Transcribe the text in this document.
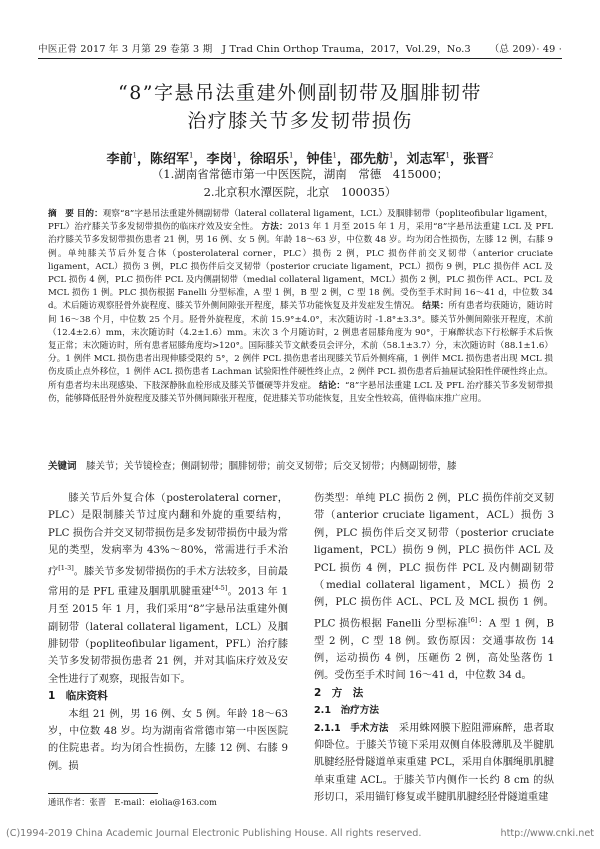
中医正骨 2017 年 3 月第 29 卷第 3 期　J Trad Chin Orthop Trauma，2017，Vol.29，No.3 （总 209）· 49 ·
“8”字悬吊法重建外侧副韧带及腘腓韧带
治疗膝关节多发韧带损伤
李前$^1$，陈绍军$^1$，李岗$^1$，徐昭乐$^1$，钟佳$^1$，邵先舫$^1$，刘志军$^1$，张晋$^2$
（1.湖南省常德市第一中医医院，湖南　常德　415000；
2.北京积水潭医院，北京　100035）
摘　要 目的：观察“8”字悬吊法重建外侧副韧带（lateral collateral ligament，LCL）及腘腓韧带（popliteofibular ligament，PFL）治疗膝关节多发韧带损伤的临床疗效及安全性。 方法：2013 年 1 月至 2015 年 1 月，采用“8”字悬吊法重建 LCL 及 PFL 治疗膝关节多发韧带损伤患者 21 例，男 16 例、女 5 例。年龄 18～63 岁，中位数 48 岁。均为闭合性损伤，左膝 12 例，右膝 9 例。单纯膝关节后外复合体（posterolateral corner，PLC）损伤 2 例，PLC 损伤伴前交叉韧带（anterior cruciate ligament，ACL）损伤 3 例，PLC 损伤伴后交叉韧带（posterior cruciate ligament，PCL）损伤 9 例，PLC 损伤伴 ACL 及 PCL 损伤 4 例，PLC 损伤伴 PCL 及内侧副韧带（medial collateral ligament，MCL）损伤 2 例，PLC 损伤伴 ACL、PCL 及 MCL 损伤 1 例。PLC 损伤根据 Fanelli 分型标准，A 型 1 例，B 型 2 例，C 型 18 例。受伤至手术时间 16～41 d，中位数 34 d。术后随访观察胫骨外旋程度、膝关节外侧间隙张开程度，膝关节功能恢复及并发症发生情况。 结果：所有患者均获随访，随访时间 16～38 个月，中位数 25 个月。胫骨外旋程度，术前 15.9°±4.0°，末次随访时 -1.8°±3.3°。膝关节外侧间隙张开程度，术前（12.4±2.6）mm，末次随访时（4.2±1.6）mm。末次 3 个月随访时，2 例患者屈膝角度为 90°，于麻醉状态下行松解手术后恢复正常；末次随访时，所有患者屈膝角度均>120°。国际膝关节文献委员会评分，术前（58.1±3.7）分，末次随访时（88.1±1.6）分。1 例伴 MCL 损伤患者出现伸膝受限约 5°，2 例伴 PCL 损伤患者出现膝关节后外侧疼痛，1 例伴 MCL 损伤患者出现 MCL 损伤皮质止点外移位，1 例伴 ACL 损伤患者 Lachman 试验阳性伴硬性终止点，2 例伴 PCL 损伤患者后抽屉试验阳性伴硬性终止点。所有患者均未出现感染、下肢深静脉血栓形成及膝关节僵硬等并发症。 结论：“8”字悬吊法重建 LCL 及 PFL 治疗膝关节多发韧带损伤，能够降低胫骨外旋程度及膝关节外侧间隙张开程度，促进膝关节功能恢复，且安全性较高，值得临床推广应用。
关键词　 膝关节；关节镜检查；侧副韧带；腘腓韧带；前交叉韧带；后交叉韧带；内侧副韧带，膝

膝关节后外复合体（posterolateral corner，PLC）是限制膝关节过度内翻和外旋的重要结构，PLC 损伤合并交叉韧带损伤是多发韧带损伤中最为常见的类型，发病率为 43%～80%，常需进行手术治疗[1-3]。膝关节多发韧带损伤的手术方法较多，目前最常用的是 PFL 重建及腘肌肌腱重建[4-5]。2013 年 1 月至 2015 年 1 月，我们采用“8”字悬吊法重建外侧副韧带（lateral collateral ligament，LCL）及腘腓韧带（popliteofibular ligament，PFL）治疗膝关节多发韧带损伤患者 21 例，并对其临床疗效及安全性进行了观察，现报告如下。

1　临床资料

本组 21 例，男 16 例、女 5 例。年龄 18～63 岁，中位数 48 岁。均为湖南省常德市第一中医医院的住院患者。均为闭合性损伤，左膝 12 例、右膝 9 例。损

伤类型：单纯 PLC 损伤 2 例，PLC 损伤伴前交叉韧带（anterior cruciate ligament，ACL）损伤 3 例，PLC 损伤伴后交叉韧带（posterior cruciate ligament，PCL）损伤 9 例，PLC 损伤伴 ACL 及 PCL 损伤 4 例，PLC 损伤伴 PCL 及内侧副韧带（medial collateral ligament，MCL）损伤 2 例，PLC 损伤伴 ACL、PCL 及 MCL 损伤 1 例。PLC 损伤根据 Fanelli 分型标准[6]：A 型 1 例，B 型 2 例，C 型 18 例。致伤原因：交通事故伤 14 例，运动损伤 4 例，压砸伤 2 例，高处坠落伤 1 例。受伤至手术时间 16～41 d，中位数 34 d。

2　方　法

2.1　治疗方法

2.1.1　手术方法　采用蛛网膜下腔阻滞麻醉，患者取仰卧位。于膝关节镜下采用双侧自体股薄肌及半腱肌肌腱经胫骨隧道单束重建 PCL，采用自体腘绳肌肌腱单束重建 ACL。于膝关节内侧作一长约 8 cm 的纵形切口，采用锚钉修复或半腱肌肌腱经胫骨隧道重建

通讯作者：张晋　E-mail：eiolia@163.com
(C)1994-2019 China Academic Journal Electronic Publishing House. All rights reserved.	http://www.cnki.net
